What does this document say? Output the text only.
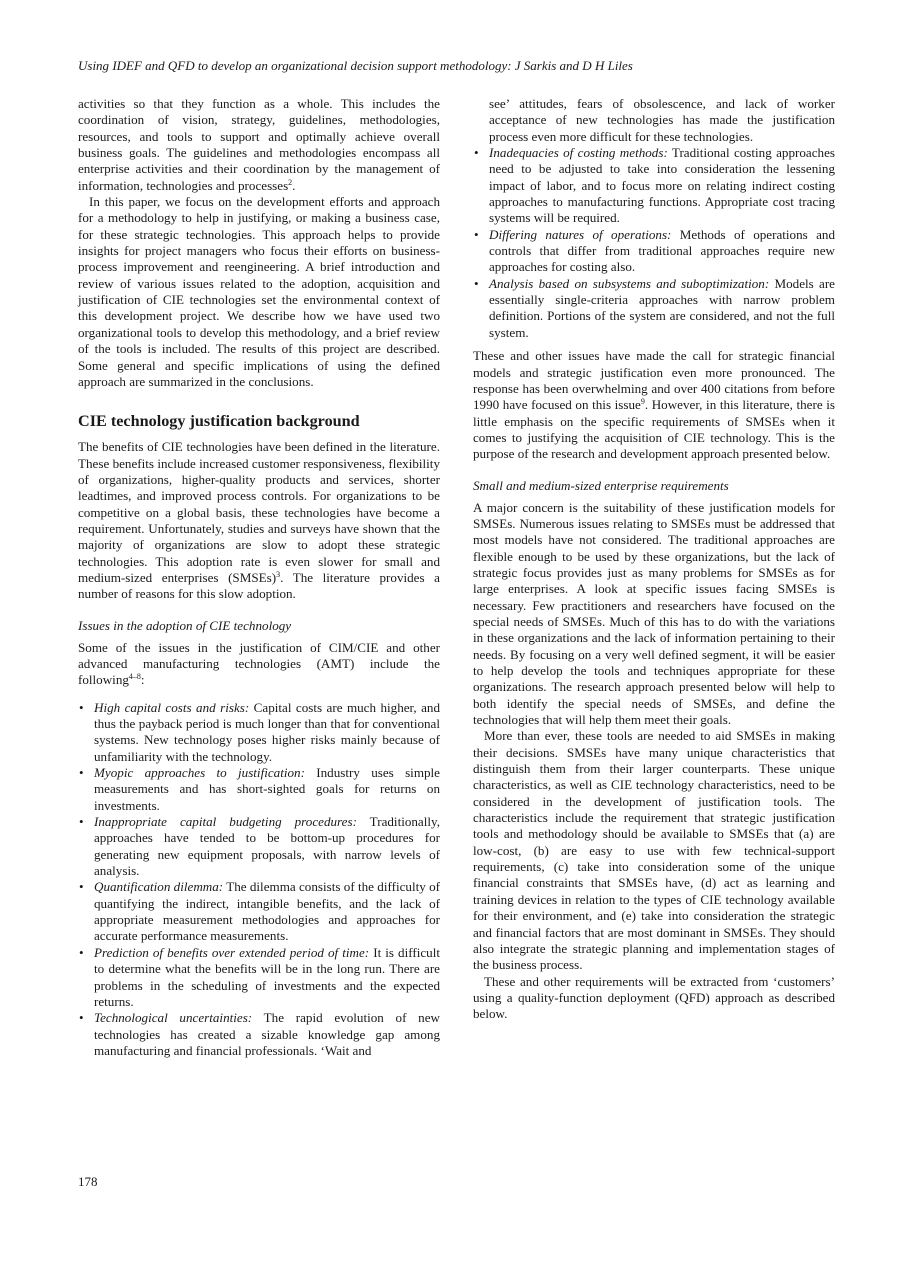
Using IDEF and QFD to develop an organizational decision support methodology: J Sarkis and D H Liles

activities so that they function as a whole. This includes the coordination of vision, strategy, guidelines, methodologies, resources, and tools to support and optimally achieve overall business goals. The guidelines and methodologies encompass all enterprise activities and their coordination by the management of information, technologies and processes$^2$.

In this paper, we focus on the development efforts and approach for a methodology to help in justifying, or making a business case, for these strategic technologies. This approach helps to provide insights for project managers who focus their efforts on business-process improvement and reengineering. A brief introduction and review of various issues related to the adoption, acquisition and justification of CIE technologies set the environmental context of this development project. We describe how we have used two organizational tools to develop this methodology, and a brief review of the tools is included. The results of this project are described. Some general and specific implications of using the defined approach are summarized in the conclusions.

CIE technology justification background

The benefits of CIE technologies have been defined in the literature. These benefits include increased customer responsiveness, flexibility of organizations, higher-quality products and services, shorter leadtimes, and improved process controls. For organizations to be competitive on a global basis, these technologies have become a requirement. Unfortunately, studies and surveys have shown that the majority of organizations are slow to adopt these strategic technologies. This adoption rate is even slower for small and medium-sized enterprises (SMSEs)$^3$. The literature provides a number of reasons for this slow adoption.

Issues in the adoption of CIE technology

Some of the issues in the justification of CIM/CIE and other advanced manufacturing technologies (AMT) include the following$^{4-8}$:

• High capital costs and risks: Capital costs are much higher, and thus the payback period is much longer than that for conventional systems. New technology poses higher risks mainly because of unfamiliarity with the technology.
• Myopic approaches to justification: Industry uses simple measurements and has short-sighted goals for returns on investments.
• Inappropriate capital budgeting procedures: Traditionally, approaches have tended to be bottom-up procedures for generating new equipment proposals, with narrow levels of analysis.
• Quantification dilemma: The dilemma consists of the difficulty of quantifying the indirect, intangible benefits, and the lack of appropriate measurement methodologies and approaches for accurate performance measurements.
• Prediction of benefits over extended period of time: It is difficult to determine what the benefits will be in the long run. There are problems in the scheduling of investments and the expected returns.
• Technological uncertainties: The rapid evolution of new technologies has created a sizable knowledge gap among manufacturing and financial professionals. ‘Wait and
see’ attitudes, fears of obsolescence, and lack of worker acceptance of new technologies has made the justification process even more difficult for these technologies.
• Inadequacies of costing methods: Traditional costing approaches need to be adjusted to take into consideration the lessening impact of labor, and to focus more on relating indirect costing approaches to manufacturing functions. Appropriate cost tracing systems will be required.
• Differing natures of operations: Methods of operations and controls that differ from traditional approaches require new approaches for costing also.
• Analysis based on subsystems and suboptimization: Models are essentially single-criteria approaches with narrow problem definition. Portions of the system are considered, and not the full system.

These and other issues have made the call for strategic financial models and strategic justification even more pronounced. The response has been overwhelming and over 400 citations from before 1990 have focused on this issue$^9$. However, in this literature, there is little emphasis on the specific requirements of SMSEs when it comes to justifying the acquisition of CIE technology. This is the purpose of the research and development approach presented below.

Small and medium-sized enterprise requirements

A major concern is the suitability of these justification models for SMSEs. Numerous issues relating to SMSEs must be addressed that most models have not considered. The traditional approaches are flexible enough to be used by these organizations, but the lack of strategic focus provides just as many problems for SMSEs as for large enterprises. A look at specific issues facing SMSEs is necessary. Few practitioners and researchers have focused on the special needs of SMSEs. Much of this has to do with the variations in these organizations and the lack of information pertaining to their needs. By focusing on a very well defined segment, it will be easier to help develop the tools and techniques appropriate for these organizations. The research approach presented below will help to both identify the special needs of SMSEs, and define the technologies that will help them meet their goals.

More than ever, these tools are needed to aid SMSEs in making their decisions. SMSEs have many unique characteristics that distinguish them from their larger counterparts. These unique characteristics, as well as CIE technology characteristics, need to be considered in the development of justification tools. The characteristics include the requirement that strategic justification tools and methodology should be available to SMSEs that (a) are low-cost, (b) are easy to use with few technical-support requirements, (c) take into consideration some of the unique financial constraints that SMSEs have, (d) act as learning and training devices in relation to the types of CIE technology available for their environment, and (e) take into consideration the strategic and financial factors that are most dominant in SMSEs. They should also integrate the strategic planning and implementation stages of the business process.

These and other requirements will be extracted from ‘customers’ using a quality-function deployment (QFD) approach as described below.

178
